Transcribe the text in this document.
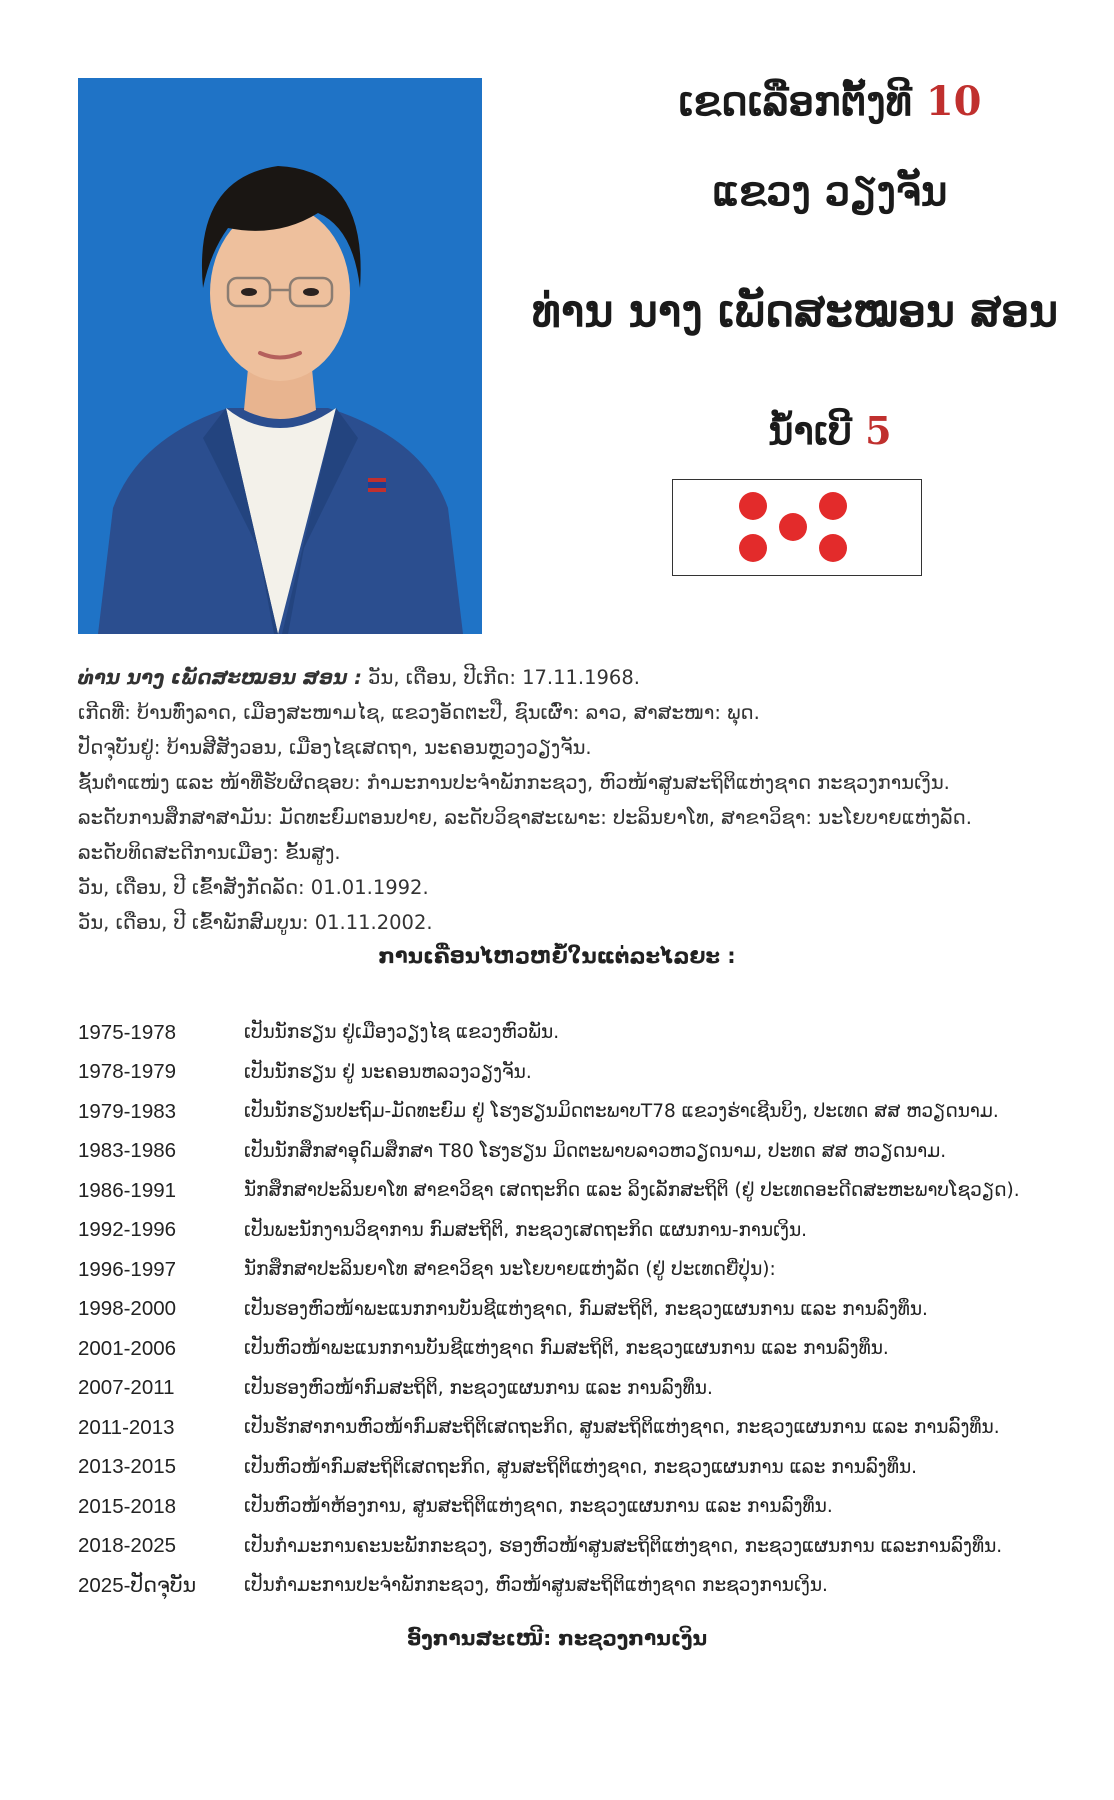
ເຂດເລືອກຕັ້ງທີ 10
ແຂວງ ວຽງຈັນ
ທ່ານ ນາງ ເພັດສະໝອນ ສອນ
ນ້ຳເບີ 5
ທ່ານ ນາງ ເພັດສະໝອນ ສອນ : ວັນ, ເດືອນ, ປີເກີດ: 17.11.1968.
ເກີດທີ່: ບ້ານທົ່ງລາດ, ເມືອງສະໜາມໄຊ, ແຂວງອັດຕະປື, ຊົນເຜົ່າ: ລາວ, ສາສະໜາ: ພຸດ.
ປັດຈຸບັນຢູ່: ບ້ານສີສັງວອນ, ເມືອງໄຊເສດຖາ, ນະຄອນຫຼວງວຽງຈັນ.
ຊັ້ນຕຳແໜ່ງ ແລະ ໜ້າທີ່ຮັບຜິດຊອບ: ກຳມະການປະຈຳພັກກະຊວງ, ຫົວໜ້າສູນສະຖິຕິແຫ່ງຊາດ ກະຊວງການເງິນ.
ລະດັບການສຶກສາສາມັນ: ມັດທະຍົມຕອນປາຍ, ລະດັບວິຊາສະເພາະ: ປະລິນຍາໂທ, ສາຂາວິຊາ: ນະໂຍບາຍແຫ່ງລັດ.
ລະດັບທິດສະດີການເມືອງ: ຂັ້ນສູງ.
ວັນ, ເດືອນ, ປີ ເຂົ້າສັງກັດລັດ: 01.01.1992.
ວັນ, ເດືອນ, ປີ ເຂົ້າພັກສົມບູນ: 01.11.2002.
ການເຄື່ອນໄຫວຫຍໍ້ໃນແຕ່ລະໄລຍະ :
1975-1978	ເປັນນັກຮຽນ ຢູ່ເມືອງວຽງໄຊ ແຂວງຫົວພັນ.
1978-1979	ເປັນນັກຮຽນ ຢູ່ ນະຄອນຫລວງວຽງຈັນ.
1979-1983	ເປັນນັກຮຽນປະຖົມ-ມັດທະຍົມ ຢູ່ ໂຮງຮຽນມິດຕະພາບT78 ແຂວງຮ່າເຊີນບິງ, ປະເທດ ສສ ຫວຽດນາມ.
1983-1986	ເປັນນັກສຶກສາອຸດົມສຶກສາ T80 ໂຮງຮຽນ ມິດຕະພາບລາວຫວຽດນາມ, ປະທດ ສສ ຫວຽດນາມ.
1986-1991	ນັກສຶກສາປະລິນຍາໂທ ສາຂາວິຊາ ເສດຖະກິດ ແລະ ລິງເລັກສະຖິຕິ (ຢູ່ ປະເທດອະດີດສະຫະພາບໂຊວຽດ).
1992-1996	ເປັນພະນັກງານວິຊາການ ກົມສະຖິຕິ, ກະຊວງເສດຖະກິດ ແຜນການ-ການເງິນ.
1996-1997	ນັກສຶກສາປະລິນຍາໂທ ສາຂາວິຊາ ນະໂຍບາຍແຫ່ງລັດ (ຢູ່ ປະເທດຍີ່ປຸ່ນ):
1998-2000	ເປັນຮອງຫົວໜ້າພະແນກການບັນຊີແຫ່ງຊາດ, ກົມສະຖິຕິ, ກະຊວງແຜນການ ແລະ ການລົງທຶນ.
2001-2006	ເປັນຫົວໜ້າພະແນກການບັນຊີແຫ່ງຊາດ ກົມສະຖິຕິ, ກະຊວງແຜນການ ແລະ ການລົງທຶນ.
2007-2011	ເປັນຮອງຫົວໜ້າກົມສະຖິຕິ, ກະຊວງແຜນການ ແລະ ການລົງທຶນ.
2011-2013	ເປັນຮັກສາການຫົວໜ້າກົມສະຖິຕິເສດຖະກິດ, ສູນສະຖິຕິແຫ່ງຊາດ, ກະຊວງແຜນການ ແລະ ການລົງທຶນ.
2013-2015	ເປັນຫົວໜ້າກົມສະຖິຕິເສດຖະກິດ, ສູນສະຖິຕິແຫ່ງຊາດ, ກະຊວງແຜນການ ແລະ ການລົງທຶນ.
2015-2018	ເປັນຫົວໜ້າຫ້ອງການ, ສູນສະຖິຕິແຫ່ງຊາດ, ກະຊວງແຜນການ ແລະ ການລົງທຶນ.
2018-2025	ເປັນກຳມະການຄະນະພັກກະຊວງ, ຮອງຫົວໜ້າສູນສະຖິຕິແຫ່ງຊາດ, ກະຊວງແຜນການ ແລະການລົງທຶນ.
2025-ປັດຈຸບັນ	ເປັນກຳມະການປະຈຳພັກກະຊວງ, ຫົວໜ້າສູນສະຖິຕິແຫ່ງຊາດ ກະຊວງການເງິນ.
ອົງການສະເໜີ: ກະຊວງການເງິນ
